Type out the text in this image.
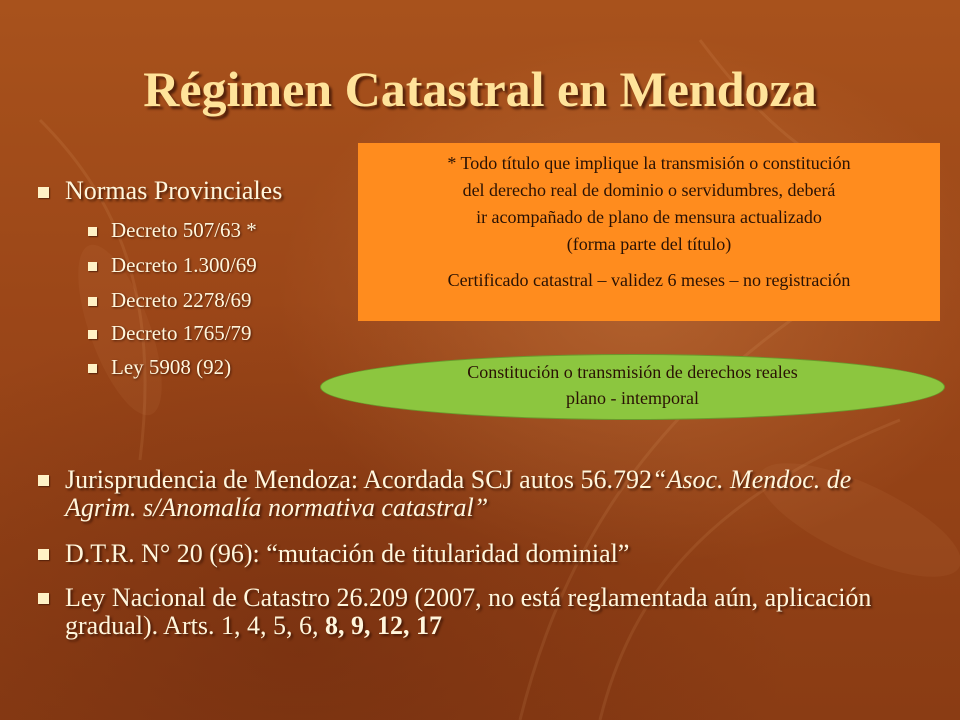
Régimen Catastral en Mendoza
Normas Provinciales
Decreto 507/63 *
Decreto 1.300/69
Decreto 2278/69
Decreto 1765/79
Ley 5908 (92)
* Todo título que implique la transmisión o constitución
del derecho real de dominio o servidumbres, deberá
ir acompañado de plano de mensura actualizado
(forma parte del título)
Certificado catastral – validez 6 meses – no registración
Constitución o transmisión de derechos reales
plano - intemporal
Jurisprudencia de Mendoza: Acordada SCJ autos 56.792“Asoc. Mendoc. de Agrim. s/Anomalía normativa catastral”
D.T.R. N° 20 (96): “mutación de titularidad dominial”
Ley Nacional de Catastro 26.209 (2007, no está reglamentada aún, aplicación gradual). Arts. 1, 4, 5, 6, 8, 9, 12, 17
